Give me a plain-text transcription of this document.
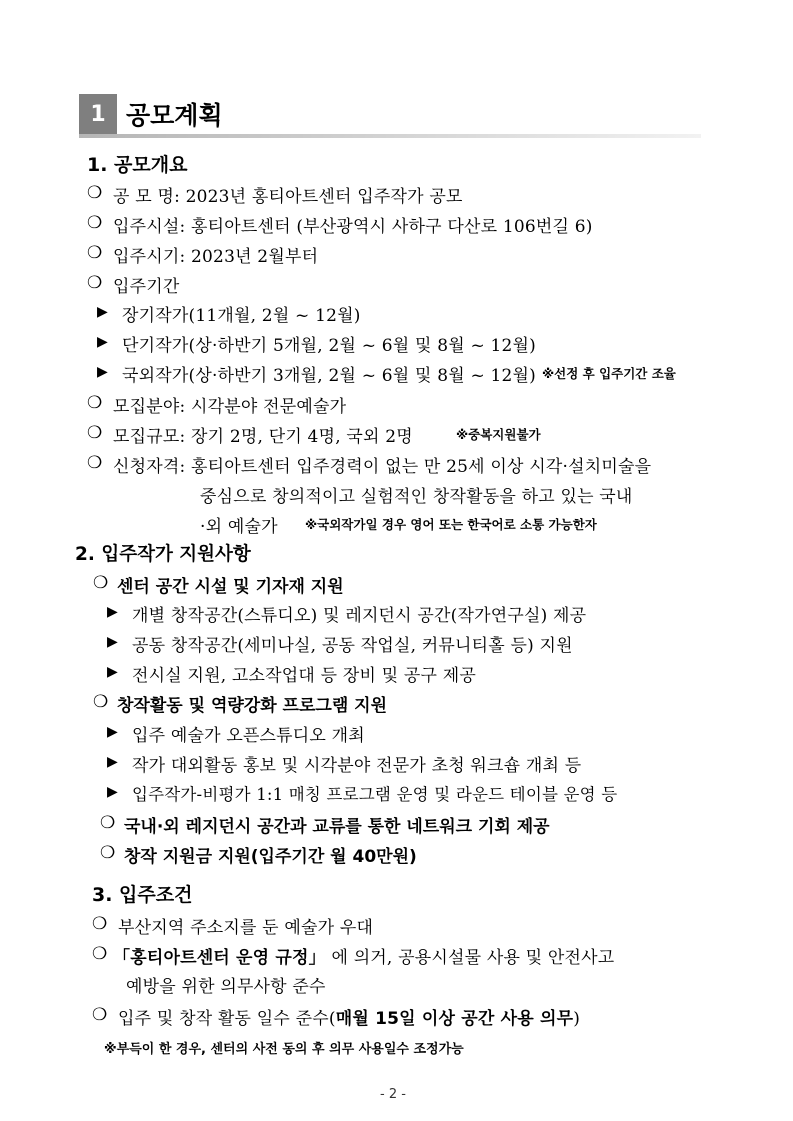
1 공모계획
1. 공모개요
❍ 공 모 명: 2023년 홍티아트센터 입주작가 공모
❍ 입주시설: 홍티아트센터 (부산광역시 사하구 다산로 106번길 6)
❍ 입주시기: 2023년 2월부터
❍ 입주기간
▶ 장기작가(11개월, 2월 ~ 12월)
▶ 단기작가(상·하반기 5개월, 2월 ~ 6월 및 8월 ~ 12월)
▶ 국외작가(상·하반기 3개월, 2월 ~ 6월 및 8월 ~ 12월) ※선정 후 입주기간 조율
❍ 모집분야: 시각분야 전문예술가
❍ 모집규모: 장기 2명, 단기 4명, 국외 2명	※중복지원불가
❍ 신청자격: 홍티아트센터 입주경력이 없는 만 25세 이상 시각·설치미술을
중심으로 창의적이고 실험적인 창작활동을 하고 있는 국내
·외 예술가 ※국외작가일 경우 영어 또는 한국어로 소통 가능한자
2. 입주작가 지원사항
❍ 센터 공간 시설 및 기자재 지원
▶ 개별 창작공간(스튜디오) 및 레지던시 공간(작가연구실) 제공
▶ 공동 창작공간(세미나실, 공동 작업실, 커뮤니티홀 등) 지원
▶ 전시실 지원, 고소작업대 등 장비 및 공구 제공
❍ 창작활동 및 역량강화 프로그램 지원
▶ 입주 예술가 오픈스튜디오 개최
▶ 작가 대외활동 홍보 및 시각분야 전문가 초청 워크숍 개최 등
▶ 입주작가-비평가 1:1 매칭 프로그램 운영 및 라운드 테이블 운영 등
❍ 국내·외 레지던시 공간과 교류를 통한 네트워크 기회 제공
❍ 창작 지원금 지원(입주기간 월 40만원)
3. 입주조건
❍ 부산지역 주소지를 둔 예술가 우대
❍ 「홍티아트센터 운영 규정」 에 의거, 공용시설물 사용 및 안전사고
예방을 위한 의무사항 준수
❍ 입주 및 창작 활동 일수 준수(매월 15일 이상 공간 사용 의무)
※부득이 한 경우, 센터의 사전 동의 후 의무 사용일수 조정가능
- 2 -
